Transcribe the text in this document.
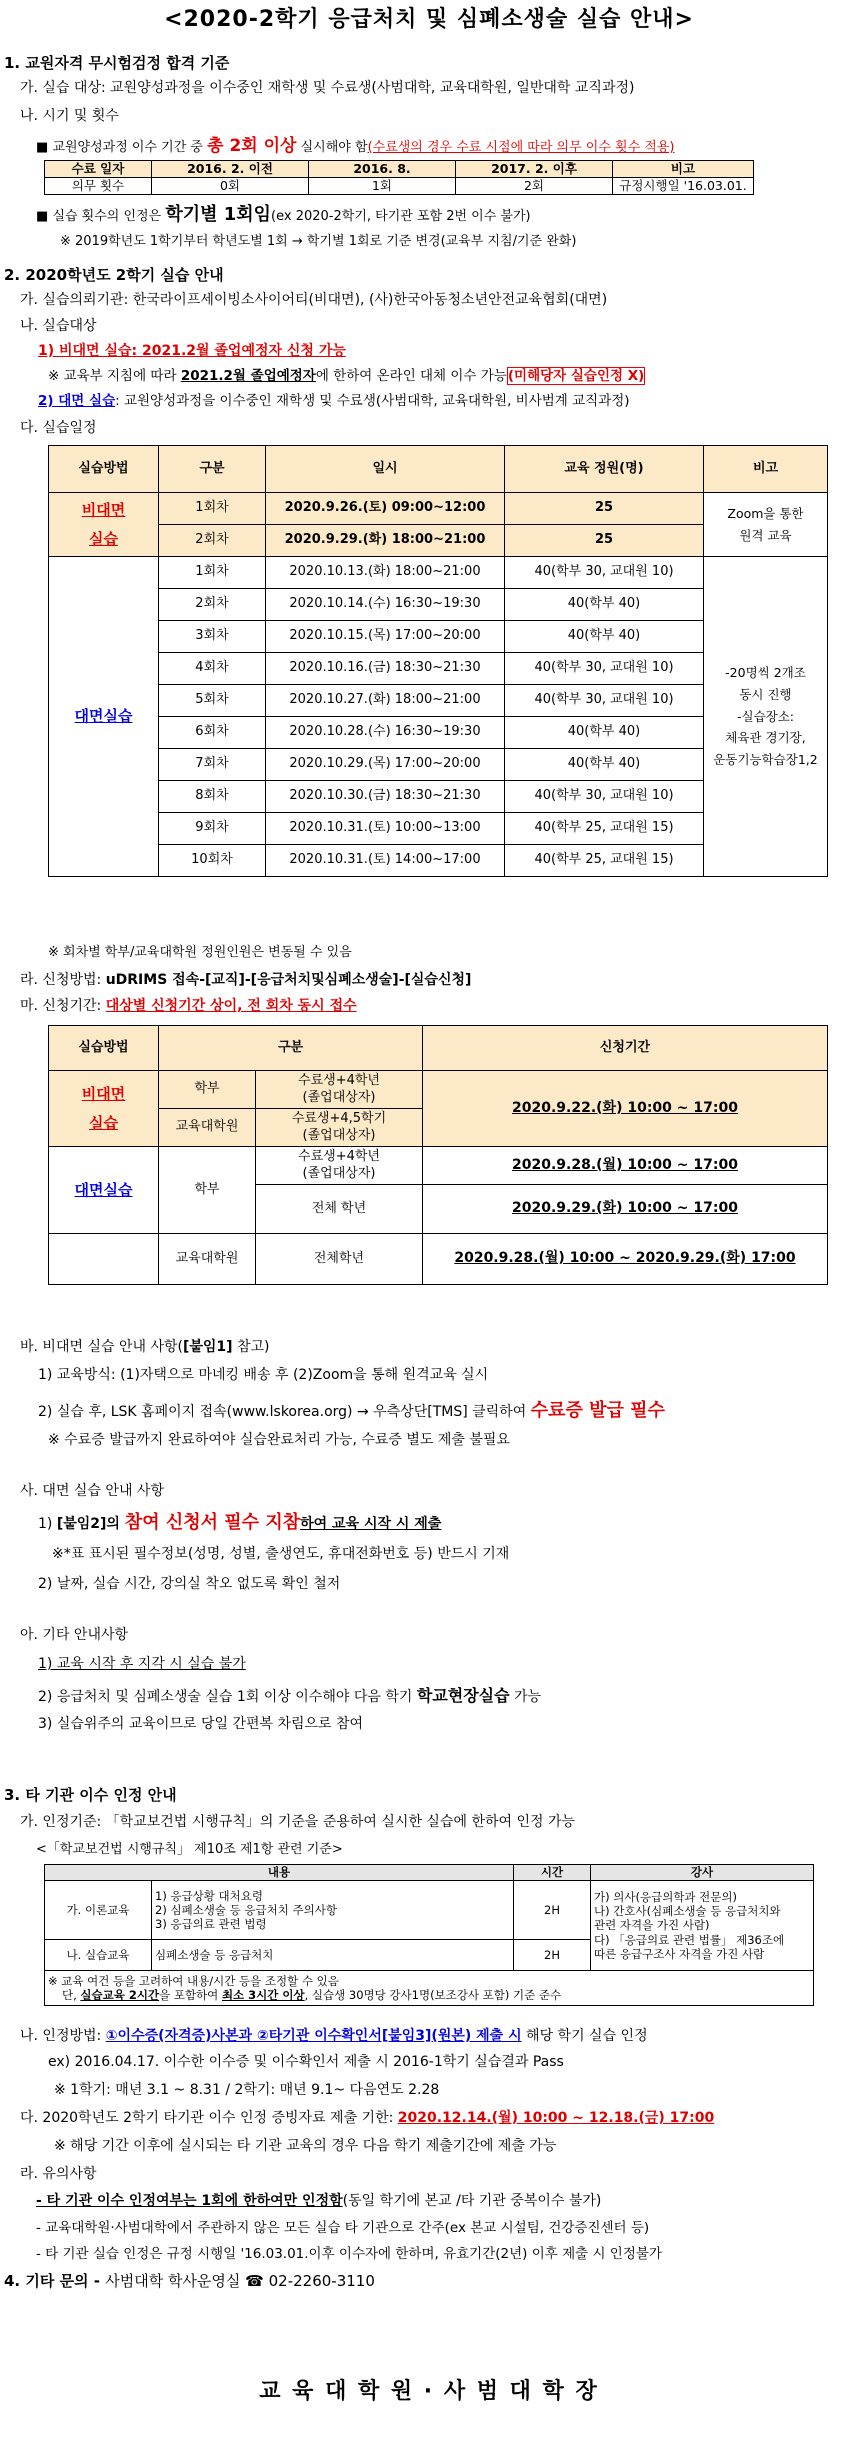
<2020-2학기 응급처치 및 심폐소생술 실습 안내>
1. 교원자격 무시험검정 합격 기준
가. 실습 대상: 교원양성과정을 이수중인 재학생 및 수료생(사범대학, 교육대학원, 일반대학 교직과정)
나. 시기 및 횟수
■ 교원양성과정 이수 기간 중 총 2회 이상 실시해야 함(수료생의 경우 수료 시점에 따라 의무 이수 횟수 적용)
수료 일자	2016. 2. 이전	2016. 8.	2017. 2. 이후	비고
의무 횟수	0회	1회	2회	규정시행일 '16.03.01.
■ 실습 횟수의 인정은 학기별 1회임(ex 2020-2학기, 타기관 포함 2번 이수 불가)
※ 2019학년도 1학기부터 학년도별 1회 → 학기별 1회로 기준 변경(교육부 지침/기준 완화)
2. 2020학년도 2학기 실습 안내
가. 실습의뢰기관: 한국라이프세이빙소사이어티(비대면), (사)한국아동청소년안전교육협회(대면)
나. 실습대상
1) 비대면 실습: 2021.2월 졸업예정자 신청 가능
※ 교육부 지침에 따라 2021.2월 졸업예정자에 한하여 온라인 대체 이수 가능(미해당자 실습인정 X)
2) 대면 실습: 교원양성과정을 이수중인 재학생 및 수료생(사범대학, 교육대학원, 비사범계 교직과정)
다. 실습일정
실습방법	구분	일시	교육 정원(명)	비고
비대면
실습	1회차	2020.9.26.(토) 09:00~12:00	25	Zoom을 통한
원격 교육
	2회차	2020.9.29.(화) 18:00~21:00	25	
대면실습	1회차	2020.10.13.(화) 18:00~21:00	40(학부 30, 교대원 10)	-20명씩 2개조
동시 진행
-실습장소:
체육관 경기장,
운동기능학습장1,2
	2회차	2020.10.14.(수) 16:30~19:30	40(학부 40)	
	3회차	2020.10.15.(목) 17:00~20:00	40(학부 40)	
	4회차	2020.10.16.(금) 18:30~21:30	40(학부 30, 교대원 10)	
	5회차	2020.10.27.(화) 18:00~21:00	40(학부 30, 교대원 10)	
	6회차	2020.10.28.(수) 16:30~19:30	40(학부 40)	
	7회차	2020.10.29.(목) 17:00~20:00	40(학부 40)	
	8회차	2020.10.30.(금) 18:30~21:30	40(학부 30, 교대원 10)	
	9회차	2020.10.31.(토) 10:00~13:00	40(학부 25, 교대원 15)	
	10회차	2020.10.31.(토) 14:00~17:00	40(학부 25, 교대원 15)	
※ 회차별 학부/교육대학원 정원인원은 변동될 수 있음
라. 신청방법: uDRIMS 접속-[교직]-[응급처치및심폐소생술]-[실습신청]
마. 신청기간: 대상별 신청기간 상이, 전 회차 동시 접수
실습방법	구분		신청기간
비대면
실습	학부	수료생+4학년
(졸업대상자)	2020.9.22.(화) 10:00 ~ 17:00
	교육대학원	수료생+4,5학기
(졸업대상자)	
대면실습	학부	수료생+4학년
(졸업대상자)	2020.9.28.(월) 10:00 ~ 17:00
		전체 학년	2020.9.29.(화) 10:00 ~ 17:00
	교육대학원	전체학년	2020.9.28.(월) 10:00 ~ 2020.9.29.(화) 17:00
바. 비대면 실습 안내 사항([붙임1] 참고)
1) 교육방식: (1)자택으로 마네킹 배송 후 (2)Zoom을 통해 원격교육 실시
2) 실습 후, LSK 홈페이지 접속(www.lskorea.org) → 우측상단[TMS] 클릭하여 수료증 발급 필수
※ 수료증 발급까지 완료하여야 실습완료처리 가능, 수료증 별도 제출 불필요
사. 대면 실습 안내 사항
1) [붙임2]의 참여 신청서 필수 지참하여 교육 시작 시 제출
※*표 표시된 필수정보(성명, 성별, 출생연도, 휴대전화번호 등) 반드시 기재
2) 날짜, 실습 시간, 강의실 착오 없도록 확인 철저
아. 기타 안내사항
1) 교육 시작 후 지각 시 실습 불가
2) 응급처치 및 심폐소생술 실습 1회 이상 이수해야 다음 학기 학교현장실습 가능
3) 실습위주의 교육이므로 당일 간편복 차림으로 참여
3. 타 기관 이수 인정 안내
가. 인정기준: 「학교보건법 시행규칙」의 기준을 준용하여 실시한 실습에 한하여 인정 가능
<「학교보건법 시행규칙」 제10조 제1항 관련 기준>
내용		시간	강사
가. 이론교육	1) 응급상황 대처요령
2) 심폐소생술 등 응급처치 주의사항
3) 응급의료 관련 법령	2H	가) 의사(응급의학과 전문의)
나) 간호사(심폐소생술 등 응급처치와
관련 자격을 가진 사람)
다) 「응급의료 관련 법률」 제36조에
따른 응급구조사 자격을 가진 사람
나. 실습교육	심폐소생술 등 응급처치	2H	

※ 교육 여건 등을 고려하여 내용/시간 등을 조정할 수 있음
단, 실습교육 2시간을 포함하여 최소 3시간 이상, 실습생 30명당 강사1명(보조강사 포함) 기준 준수			
나. 인정방법: ①이수증(자격증)사본과 ②타기관 이수확인서[붙임3](원본) 제출 시 해당 학기 실습 인정
ex) 2016.04.17. 이수한 이수증 및 이수확인서 제출 시 2016-1학기 실습결과 Pass
※ 1학기: 매년 3.1 ~ 8.31 / 2학기: 매년 9.1~ 다음연도 2.28
다. 2020학년도 2학기 타기관 이수 인정 증빙자료 제출 기한: 2020.12.14.(월) 10:00 ~ 12.18.(금) 17:00
※ 해당 기간 이후에 실시되는 타 기관 교육의 경우 다음 학기 제출기간에 제출 가능
라. 유의사항
- 타 기관 이수 인정여부는 1회에 한하여만 인정함(동일 학기에 본교 /타 기관 중복이수 불가)
- 교육대학원·사범대학에서 주관하지 않은 모든 실습 타 기관으로 간주(ex 본교 시설팀, 건강증진센터 등)
- 타 기관 실습 인정은 규정 시행일 '16.03.01.이후 이수자에 한하며, 유효기간(2년) 이후 제출 시 인정불가
4. 기타 문의 - 사범대학 학사운영실 ☎ 02-2260-3110
교 육 대 학 원 · 사 범 대 학 장
